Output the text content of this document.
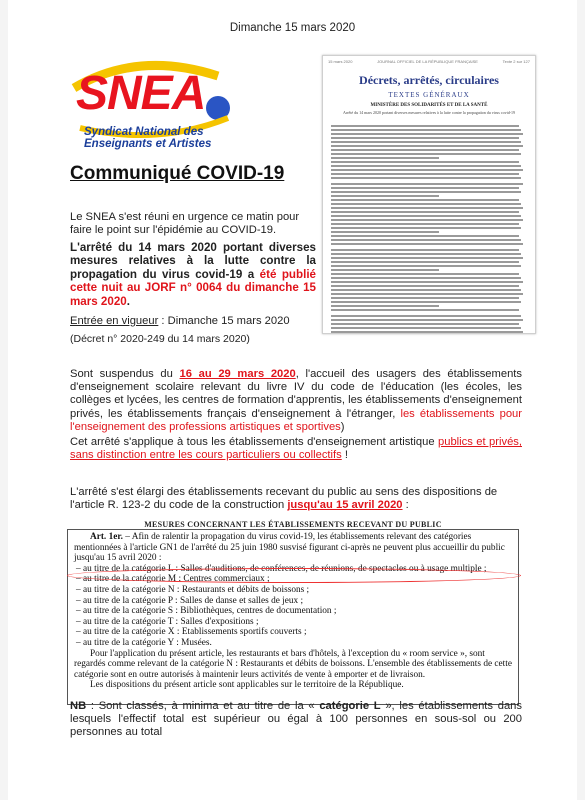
Dimanche 15 mars 2020
SNEA
Syndicat National des
Enseignants et Artistes
Communiqué COVID-19
Le SNEA s'est réuni en urgence ce matin pour faire le point sur l'épidémie au COVID-19.
L'arrêté du 14 mars 2020 portant diverses mesures relatives à la lutte contre la propagation du virus covid-19 a été publié cette nuit au JORF n° 0064 du dimanche 15 mars 2020.
Entrée en vigueur : Dimanche 15 mars 2020
(Décret n° 2020-249 du 14 mars 2020)
15 mars 2020	JOURNAL OFFICIEL DE LA RÉPUBLIQUE FRANÇAISE	Texte 2 sur 127
Décrets, arrêtés, circulaires
TEXTES GÉNÉRAUX
MINISTÈRE DES SOLIDARITÉS ET DE LA SANTÉ
Arrêté du 14 mars 2020 portant diverses mesures relatives à la lutte contre la propagation du virus covid-19
Sont suspendus du 16 au 29 mars 2020, l'accueil des usagers des établissements d'enseignement scolaire relevant du livre IV du code de l'éducation (les écoles, les collèges et lycées, les centres de formation d'apprentis, les établissements d'enseignement privés, les établissements français d'enseignement à l'étranger, les établissements pour l'enseignement des professions artistiques et sportives)
Cet arrêté s'applique à tous les établissements d'enseignement artistique publics et privés, sans distinction entre les cours particuliers ou collectifs !
L'arrêté s'est élargi des établissements recevant du public au sens des dispositions de l'article R. 123-2 du code de la construction jusqu'au 15 avril 2020 :
MESURES CONCERNANT LES ÉTABLISSEMENTS RECEVANT DU PUBLIC

Art. 1er. – Afin de ralentir la propagation du virus covid-19, les établissements relevant des catégories mentionnées à l'article GN1 de l'arrêté du 25 juin 1980 susvisé figurant ci-après ne peuvent plus accueillir du public jusqu'au 15 avril 2020 :

– au titre de la catégorie L : Salles d'auditions, de conférences, de réunions, de spectacles ou à usage multiple ;
– au titre de la catégorie M : Centres commerciaux ;
– au titre de la catégorie N : Restaurants et débits de boissons ;
– au titre de la catégorie P : Salles de danse et salles de jeux ;
– au titre de la catégorie S : Bibliothèques, centres de documentation ;
– au titre de la catégorie T : Salles d'expositions ;
– au titre de la catégorie X : Etablissements sportifs couverts ;
– au titre de la catégorie Y : Musées.

Pour l'application du présent article, les restaurants et bars d'hôtels, à l'exception du « room service », sont regardés comme relevant de la catégorie N : Restaurants et débits de boissons. L'ensemble des établissements de cette catégorie sont en outre autorisés à maintenir leurs activités de vente à emporter et de livraison.

Les dispositions du présent article sont applicables sur le territoire de la République.

NB : Sont classés, à minima et au titre de la « catégorie L », les établissements dans lesquels l'effectif total est supérieur ou égal à 100 personnes en sous-sol ou 200 personnes au total
